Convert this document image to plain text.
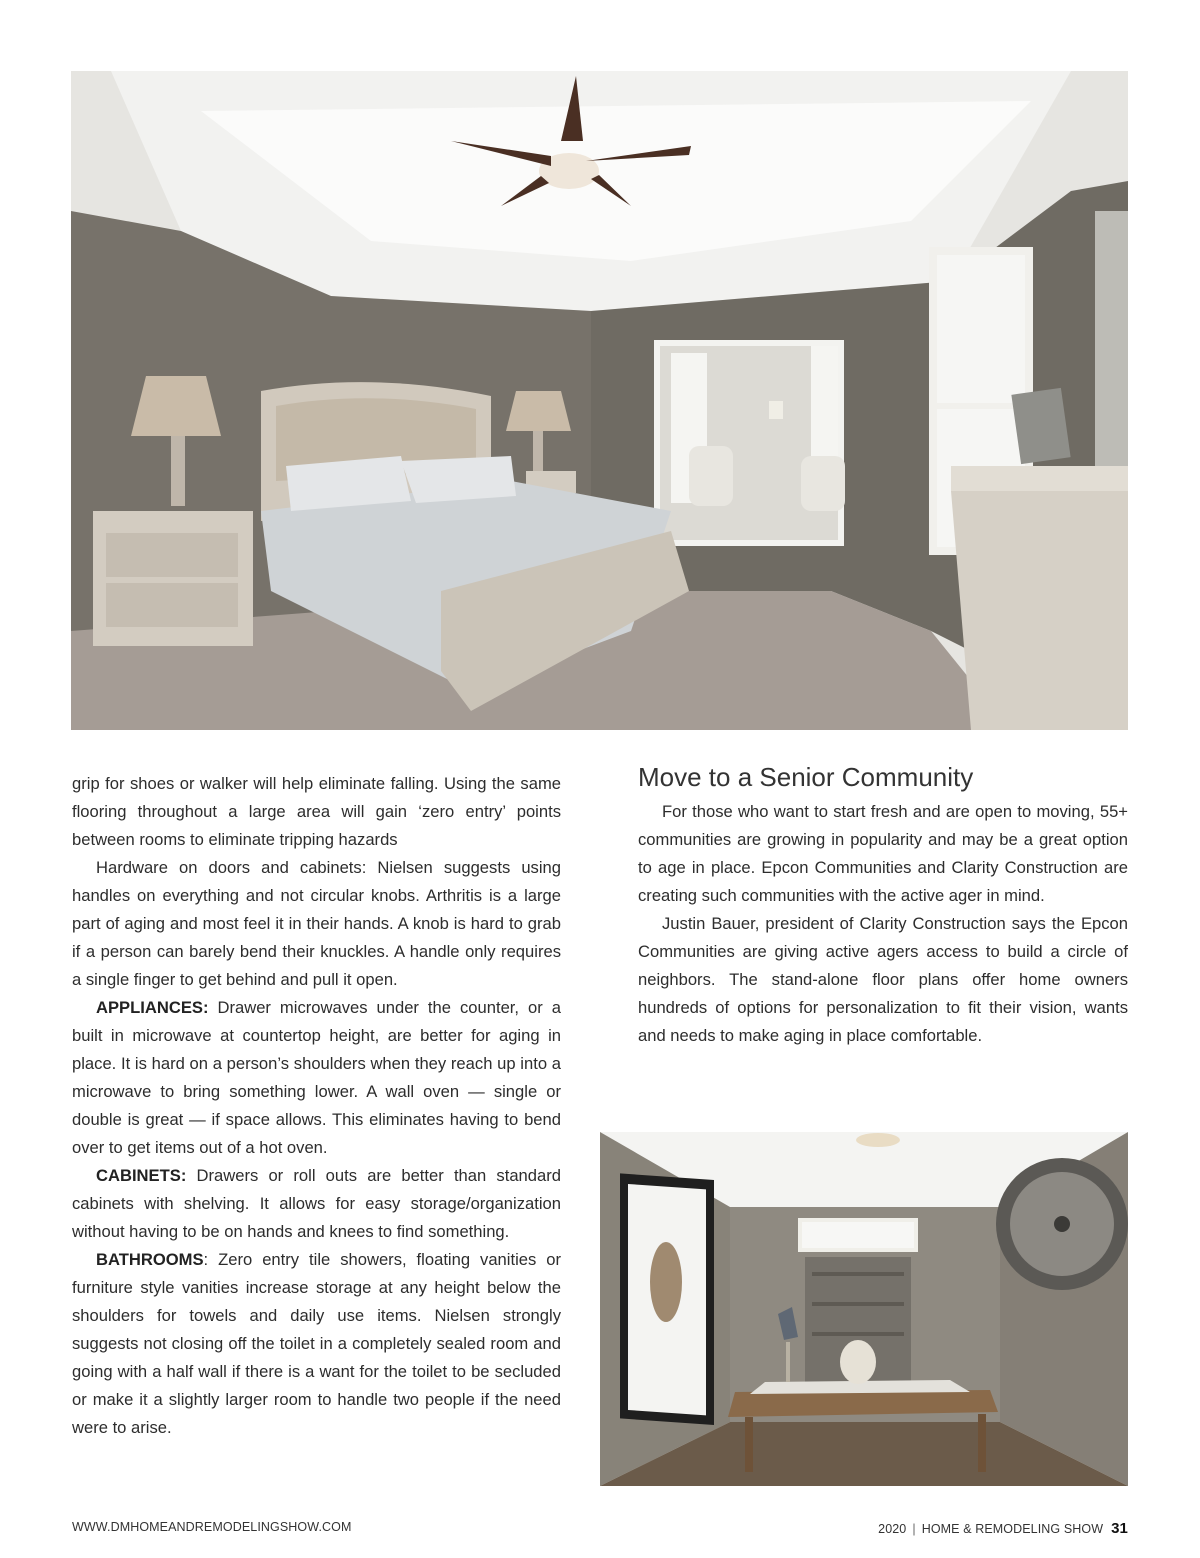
grip for shoes or walker will help eliminate falling. Using the same flooring throughout a large area will gain ‘zero entry’ points between rooms to eliminate tripping hazards

Hardware on doors and cabinets: Nielsen suggests using handles on everything and not circular knobs. Arthritis is a large part of aging and most feel it in their hands. A knob is hard to grab if a person can barely bend their knuckles. A handle only requires a single finger to get behind and pull it open.

APPLIANCES: Drawer microwaves under the counter, or a built in microwave at countertop height, are better for aging in place. It is hard on a person’s shoulders when they reach up into a microwave to bring something lower. A wall oven — single or double is great — if space allows. This eliminates having to bend over to get items out of a hot oven.

CABINETS: Drawers or roll outs are better than standard cabinets with shelving. It allows for easy storage/organization without having to be on hands and knees to find something.

BATHROOMS: Zero entry tile showers, floating vanities or furniture style vanities increase storage at any height below the shoulders for towels and daily use items. Nielsen strongly suggests not closing off the toilet in a completely sealed room and going with a half wall if there is a want for the toilet to be secluded or make it a slightly larger room to handle two people if the need were to arise.

Move to a Senior Community

For those who want to start fresh and are open to moving, 55+ communities are growing in popularity and may be a great option to age in place. Epcon Communities and Clarity Construction are creating such communities with the active ager in mind.

Justin Bauer, president of Clarity Construction says the Epcon Communities are giving active agers access to build a circle of neighbors. The stand-alone floor plans offer home owners hundreds of options for personalization to fit their vision, wants and needs to make aging in place comfortable.

WWW.DMHOMEANDREMODELINGSHOW.COM	2020 | HOME & REMODELING SHOW 31
